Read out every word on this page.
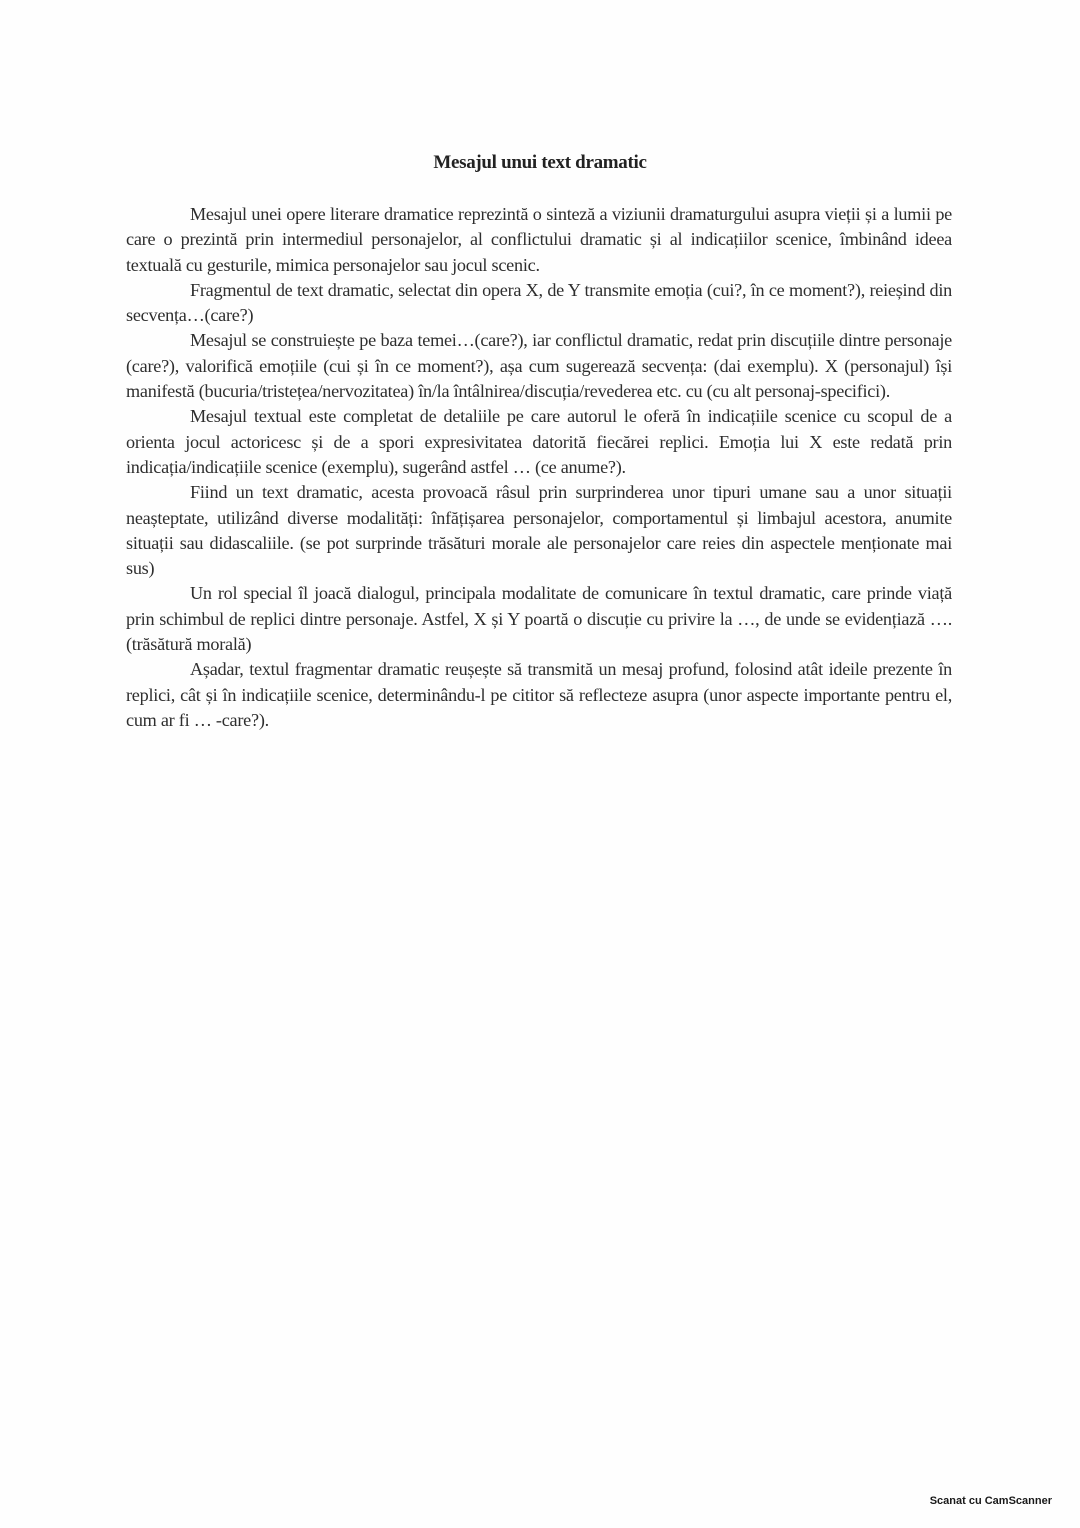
Mesajul unui text dramatic

Mesajul unei opere literare dramatice reprezintă o sinteză a viziunii dramaturgului asupra vieții și a lumii pe care o prezintă prin intermediul personajelor, al conflictului dramatic și al indicațiilor scenice, îmbinând ideea textuală cu gesturile, mimica personajelor sau jocul scenic.

Fragmentul de text dramatic, selectat din opera X, de Y transmite emoția (cui?, în ce moment?), reieșind din secvența…(care?)

Mesajul se construiește pe baza temei…(care?), iar conflictul dramatic, redat prin discuțiile dintre personaje (care?), valorifică emoțiile (cui și în ce moment?), așa cum sugerează secvența: (dai exemplu). X (personajul) își manifestă (bucuria/tristețea/nervozitatea) în/la întâlnirea/discuția/revederea etc. cu (cu alt personaj-specifici).

Mesajul textual este completat de detaliile pe care autorul le oferă în indicațiile scenice cu scopul de a orienta jocul actoricesc și de a spori expresivitatea datorită fiecărei replici. Emoția lui X este redată prin indicația/indicațiile scenice (exemplu), sugerând astfel … (ce anume?).

Fiind un text dramatic, acesta provoacă râsul prin surprinderea unor tipuri umane sau a unor situații neașteptate, utilizând diverse modalități: înfățișarea personajelor, comportamentul și limbajul acestora, anumite situații sau didascaliile. (se pot surprinde trăsături morale ale personajelor care reies din aspectele menționate mai sus)

Un rol special îl joacă dialogul, principala modalitate de comunicare în textul dramatic, care prinde viață prin schimbul de replici dintre personaje. Astfel, X și Y poartă o discuție cu privire la …, de unde se evidențiază …. (trăsătură morală)

Așadar, textul fragmentar dramatic reușește să transmită un mesaj profund, folosind atât ideile prezente în replici, cât și în indicațiile scenice, determinându-l pe cititor să reflecteze asupra (unor aspecte importante pentru el, cum ar fi … -care?).

Scanat cu CamScanner
